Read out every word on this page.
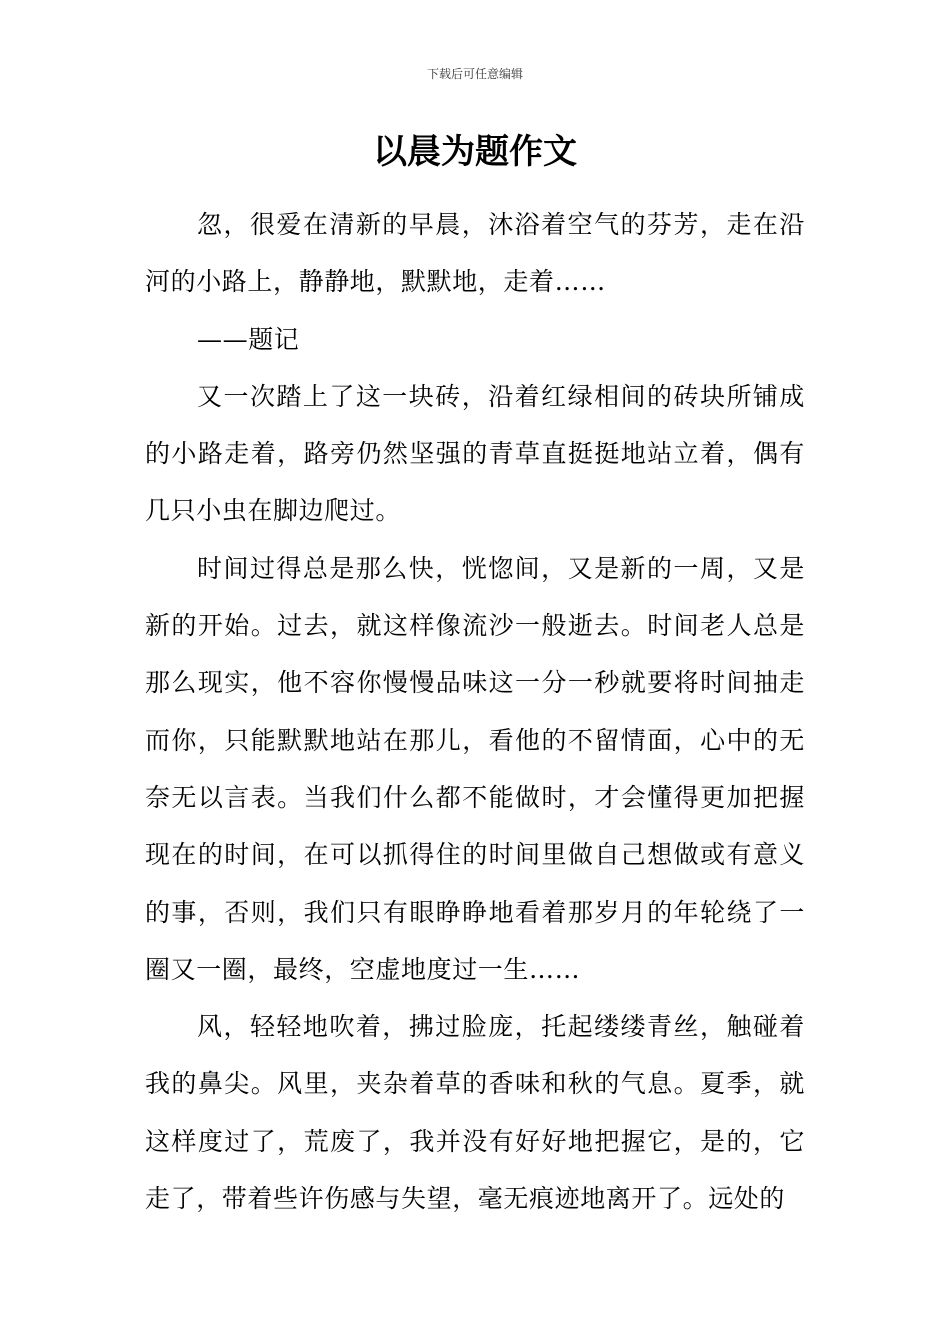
下载后可任意编辑
以晨为题作文

忽，很爱在清新的早晨，沐浴着空气的芬芳，走在沿河的小路上，静静地，默默地，走着……

——题记

又一次踏上了这一块砖，沿着红绿相间的砖块所铺成的小路走着，路旁仍然坚强的青草直挺挺地站立着，偶有几只小虫在脚边爬过。

时间过得总是那么快，恍惚间，又是新的一周，又是新的开始。过去，就这样像流沙一般逝去。时间老人总是那么现实，他不容你慢慢品味这一分一秒就要将时间抽走而你，只能默默地站在那儿，看他的不留情面，心中的无奈无以言表。当我们什么都不能做时，才会懂得更加把握现在的时间，在可以抓得住的时间里做自己想做或有意义的事，否则，我们只有眼睁睁地看着那岁月的年轮绕了一圈又一圈，最终，空虚地度过一生……

风，轻轻地吹着，拂过脸庞，托起缕缕青丝，触碰着我的鼻尖。风里，夹杂着草的香味和秋的气息。夏季，就这样度过了，荒废了，我并没有好好地把握它，是的，它走了，带着些许伤感与失望，毫无痕迹地离开了。远处的
